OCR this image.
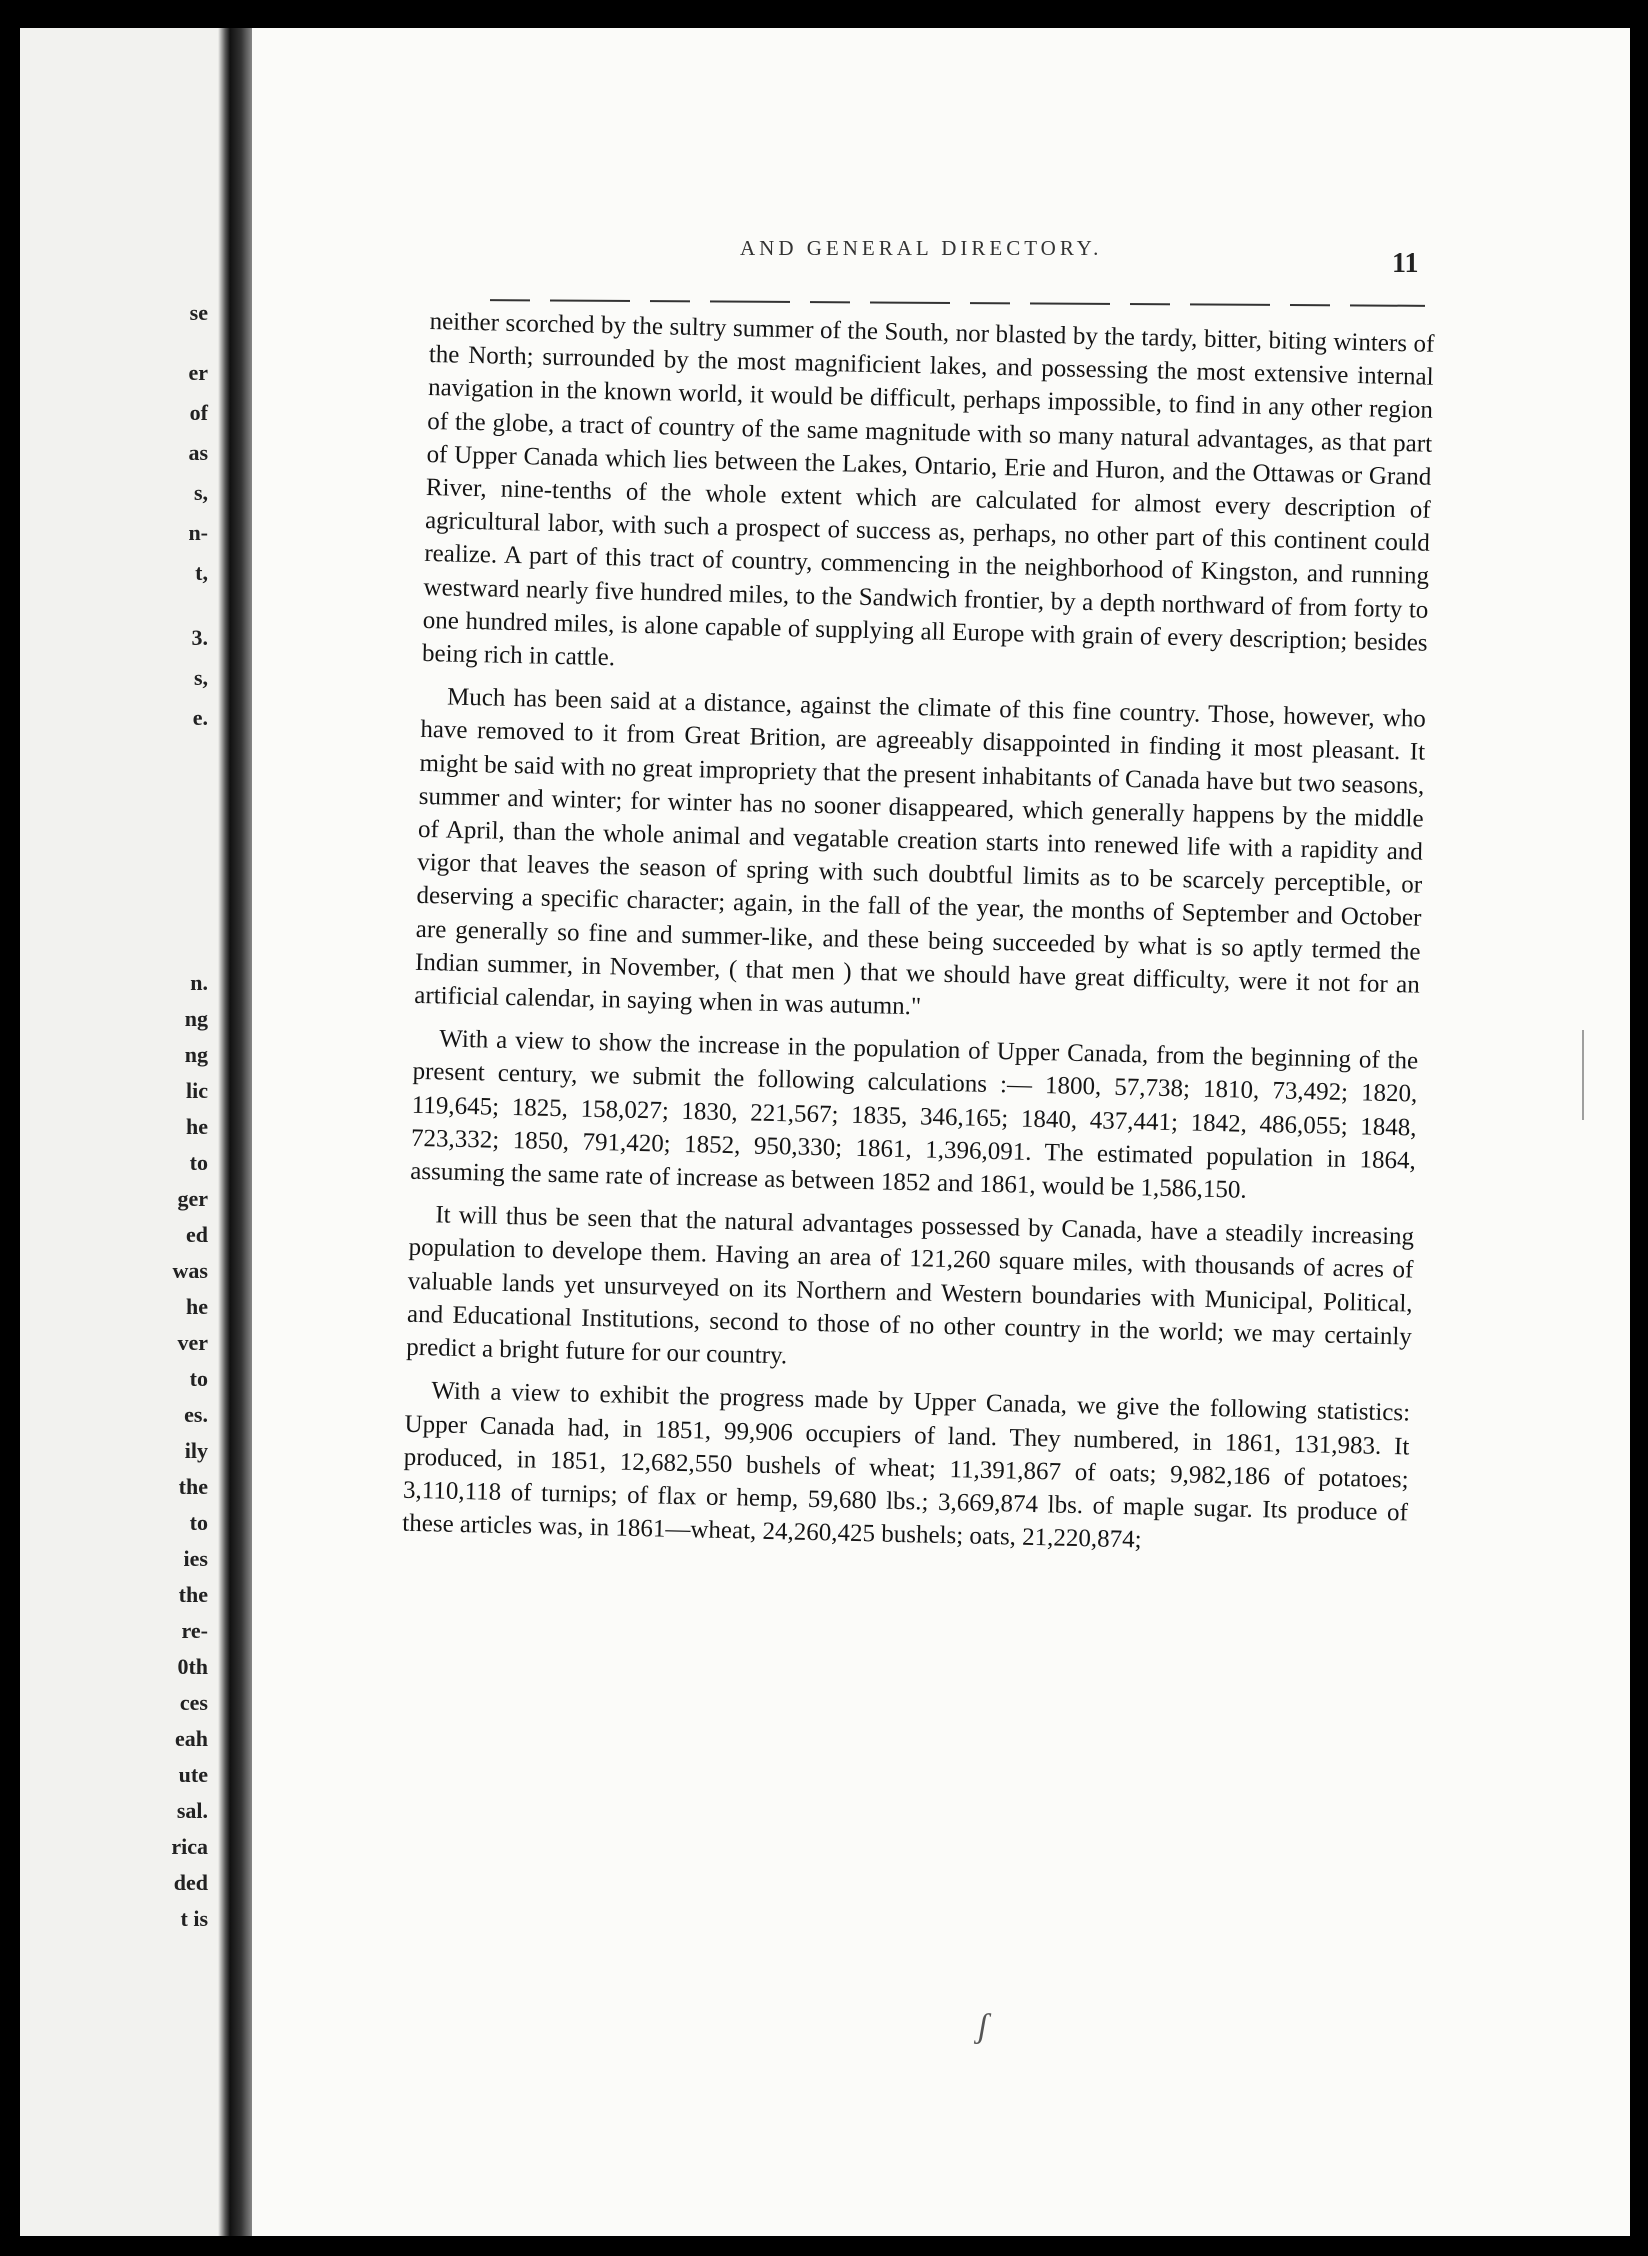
se
er
of
as
s,
n-
t,
3.
s,
e.
n.
ng
ng
lic
he
to
ger
ed
was
he
ver
to
es.
ily
the
to
ies
the
re-
0th
ces
eah
ute
sal.
rica
ded
t is
AND GENERAL DIRECTORY.	11

neither scorched by the sultry summer of the South, nor blasted by the tardy, bitter, biting winters of the North; surrounded by the most magnificient lakes, and possessing the most extensive internal navigation in the known world, it would be difficult, perhaps impossible, to find in any other region of the globe, a tract of country of the same magnitude with so many natural advantages, as that part of Upper Canada which lies between the Lakes, Ontario, Erie and Huron, and the Ottawas or Grand River, nine-tenths of the whole extent which are calculated for almost every description of agricultural labor, with such a prospect of success as, perhaps, no other part of this continent could realize. A part of this tract of country, commencing in the neighborhood of Kingston, and running westward nearly five hundred miles, to the Sandwich frontier, by a depth northward of from forty to one hundred miles, is alone capable of supplying all Europe with grain of every description; besides being rich in cattle.

Much has been said at a distance, against the climate of this fine country. Those, however, who have removed to it from Great Brition, are agreeably disappointed in finding it most pleasant. It might be said with no great impropriety that the present inhabitants of Canada have but two seasons, summer and winter; for winter has no sooner disappeared, which generally happens by the middle of April, than the whole animal and vegatable creation starts into renewed life with a rapidity and vigor that leaves the season of spring with such doubtful limits as to be scarcely perceptible, or deserving a specific character; again, in the fall of the year, the months of September and October are generally so fine and summer-like, and these being succeeded by what is so aptly termed the Indian summer, in November, ( that men ) that we should have great difficulty, were it not for an artificial calendar, in saying when in was autumn."

With a view to show the increase in the population of Upper Canada, from the beginning of the present century, we submit the following calculations :— 1800, 57,738; 1810, 73,492; 1820, 119,645; 1825, 158,027; 1830, 221,567; 1835, 346,165; 1840, 437,441; 1842, 486,055; 1848, 723,332; 1850, 791,420; 1852, 950,330; 1861, 1,396,091. The estimated population in 1864, assuming the same rate of increase as between 1852 and 1861, would be 1,586,150.

It will thus be seen that the natural advantages possessed by Canada, have a steadily increasing population to develope them. Having an area of 121,260 square miles, with thousands of acres of valuable lands yet unsurveyed on its Northern and Western boundaries with Municipal, Political, and Educational Institutions, second to those of no other country in the world; we may certainly predict a bright future for our country.

With a view to exhibit the progress made by Upper Canada, we give the following statistics: Upper Canada had, in 1851, 99,906 occupiers of land. They numbered, in 1861, 131,983. It produced, in 1851, 12,682,550 bushels of wheat; 11,391,867 of oats; 9,982,186 of potatoes; 3,110,118 of turnips; of flax or hemp, 59,680 lbs.; 3,669,874 lbs. of maple sugar. Its produce of these articles was, in 1861—wheat, 24,260,425 bushels; oats, 21,220,874;

ʃ
